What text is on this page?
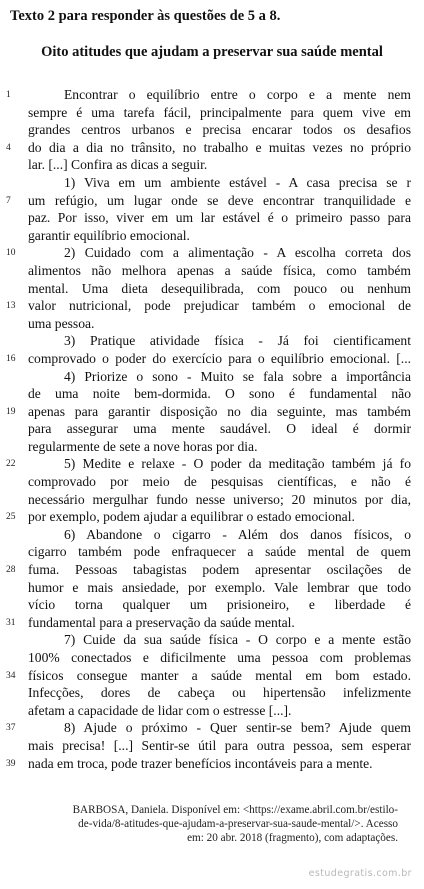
Texto 2 para responder às questões de 5 a 8.
Oito atitudes que ajudam a preservar sua saúde mental
1	Encontrar o equilíbrio entre o corpo e a mente nem
sempre é uma tarefa fácil, principalmente para quem vive em
grandes centros urbanos e precisa encarar todos os desafios
4	do dia a dia no trânsito, no trabalho e muitas vezes no próprio
lar. [...] Confira as dicas a seguir.
1) Viva em um ambiente estável - A casa precisa se r
7	um refúgio, um lugar onde se deve encontrar tranquilidade e
paz. Por isso, viver em um lar estável é o primeiro passo para
garantir equilíbrio emocional.
10	2) Cuidado com a alimentação - A escolha correta dos
alimentos não melhora apenas a saúde física, como também
mental. Uma dieta desequilibrada, com pouco ou nenhum
13 valor nutricional, pode prejudicar também o emocional de
uma pessoa.
3) Pratique atividade física - Já foi cientificament
16 comprovado o poder do exercício para o equilíbrio emocional. [...
4) Priorize o sono - Muito se fala sobre a importância
de uma noite bem-dormida. O sono é fundamental não
19 apenas para garantir disposição no dia seguinte, mas também
para assegurar uma mente saudável. O ideal é dormir
regularmente de sete a nove horas por dia.
22	5) Medite e relaxe - O poder da meditação também já fo
comprovado por meio de pesquisas científicas, e não é
necessário mergulhar fundo nesse universo; 20 minutos por dia,
25 por exemplo, podem ajudar a equilibrar o estado emocional.
6) Abandone o cigarro - Além dos danos físicos, o
cigarro também pode enfraquecer a saúde mental de quem
28 fuma. Pessoas tabagistas podem apresentar oscilações de
humor e mais ansiedade, por exemplo. Vale lembrar que todo
vício torna qualquer um prisioneiro, e liberdade é
31 fundamental para a preservação da saúde mental.
7) Cuide da sua saúde física - O corpo e a mente estão
100% conectados e dificilmente uma pessoa com problemas
34 físicos consegue manter a saúde mental em bom estado.
Infecções, dores de cabeça ou hipertensão infelizmente
afetam a capacidade de lidar com o estresse [...].
37	8) Ajude o próximo - Quer sentir-se bem? Ajude quem
mais precisa! [...] Sentir-se útil para outra pessoa, sem esperar
39 nada em troca, pode trazer benefícios incontáveis para a mente.
BARBOSA, Daniela. Disponível em: <https://exame.abril.com.br/estilo-
de-vida/8-atitudes-que-ajudam-a-preservar-sua-saude-mental/>. Acesso
em: 20 abr. 2018 (fragmento), com adaptações.
estudegratis.com.br
